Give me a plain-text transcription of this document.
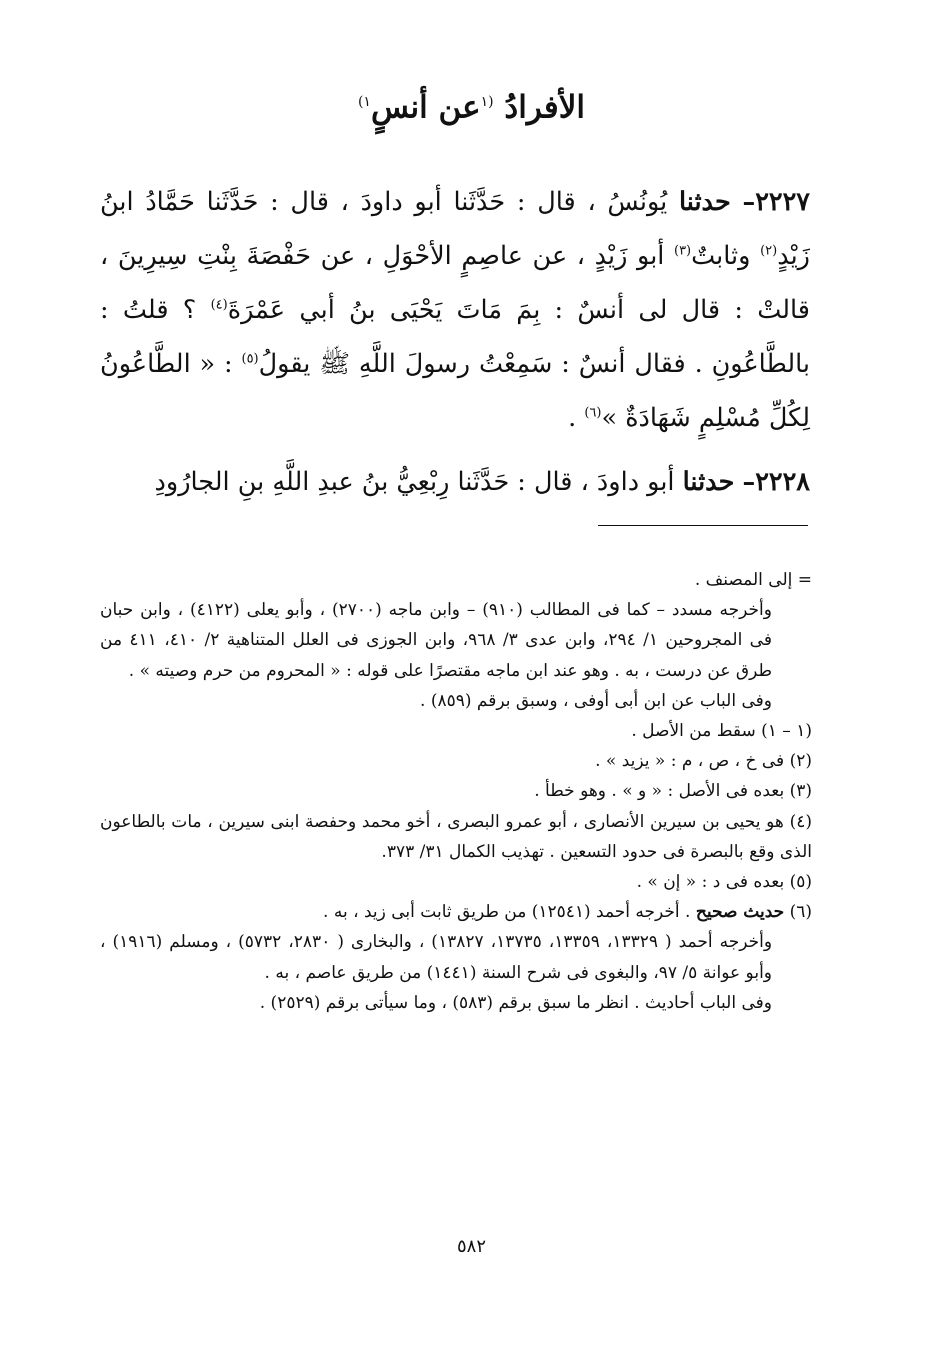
الأفرادُ $^{(١}$عن أنسٍ$^{١)}$

٢٢٢٧– حدثنا يُونُسُ ، قال : حَدَّثَنا أبو داودَ ، قال : حَدَّثَنا حَمَّادُ ابنُ زَيْدٍ$^{(٢)}$ وثابتٌ$^{(٣)}$ أبو زَيْدٍ ، عن عاصِمٍ الأحْوَلِ ، عن حَفْصَةَ بِنْتِ سِيرِينَ ، قالتْ : قال لى أنسٌ : بِمَ مَاتَ يَحْيَى بنُ أبي عَمْرَةَ$^{(٤)}$ ؟ قلتُ : بالطَّاعُونِ . فقال أنسٌ : سَمِعْتُ رسولَ اللَّهِ ﷺ يقولُ$^{(٥)}$ : « الطَّاعُونُ لِكُلِّ مُسْلِمٍ شَهَادَةٌ »$^{(٦)}$ .

٢٢٢٨– حدثنا أبو داودَ ، قال : حَدَّثَنا رِبْعِيُّ بنُ عبدِ اللَّهِ بنِ الجارُودِ

= إلى المصنف .

وأخرجه مسدد – كما فى المطالب (٩١٠) – وابن ماجه (٢٧٠٠) ، وأبو يعلى (٤١٢٢) ، وابن حبان فى المجروحين ١/ ٢٩٤، وابن عدى ٣/ ٩٦٨، وابن الجوزى فى العلل المتناهية ٢/ ٤١٠، ٤١١ من طرق عن درست ، به . وهو عند ابن ماجه مقتصرًا على قوله : « المحروم من حرم وصيته » .

وفى الباب عن ابن أبى أوفى ، وسبق برقم (٨٥٩) .

(١ – ١) سقط من الأصل .

(٢) فى خ ، ص ، م : « يزيد » .

(٣) بعده فى الأصل : « و » . وهو خطأ .

(٤) هو يحيى بن سيرين الأنصارى ، أبو عمرو البصرى ، أخو محمد وحفصة ابنى سيرين ، مات بالطاعون الذى وقع بالبصرة فى حدود التسعين . تهذيب الكمال ٣١/ ٣٧٣.

(٥) بعده فى د : « إن » .

(٦) حديث صحيح . أخرجه أحمد (١٢٥٤١) من طريق ثابت أبى زيد ، به .

وأخرجه أحمد ( ١٣٣٢٩، ١٣٣٥٩، ١٣٧٣٥، ١٣٨٢٧) ، والبخارى ( ٢٨٣٠، ٥٧٣٢) ، ومسلم (١٩١٦) ، وأبو عوانة ٥/ ٩٧، والبغوى فى شرح السنة (١٤٤١) من طريق عاصم ، به .

وفى الباب أحاديث . انظر ما سبق برقم (٥٨٣) ، وما سيأتى برقم (٢٥٢٩) .

٥٨٢
